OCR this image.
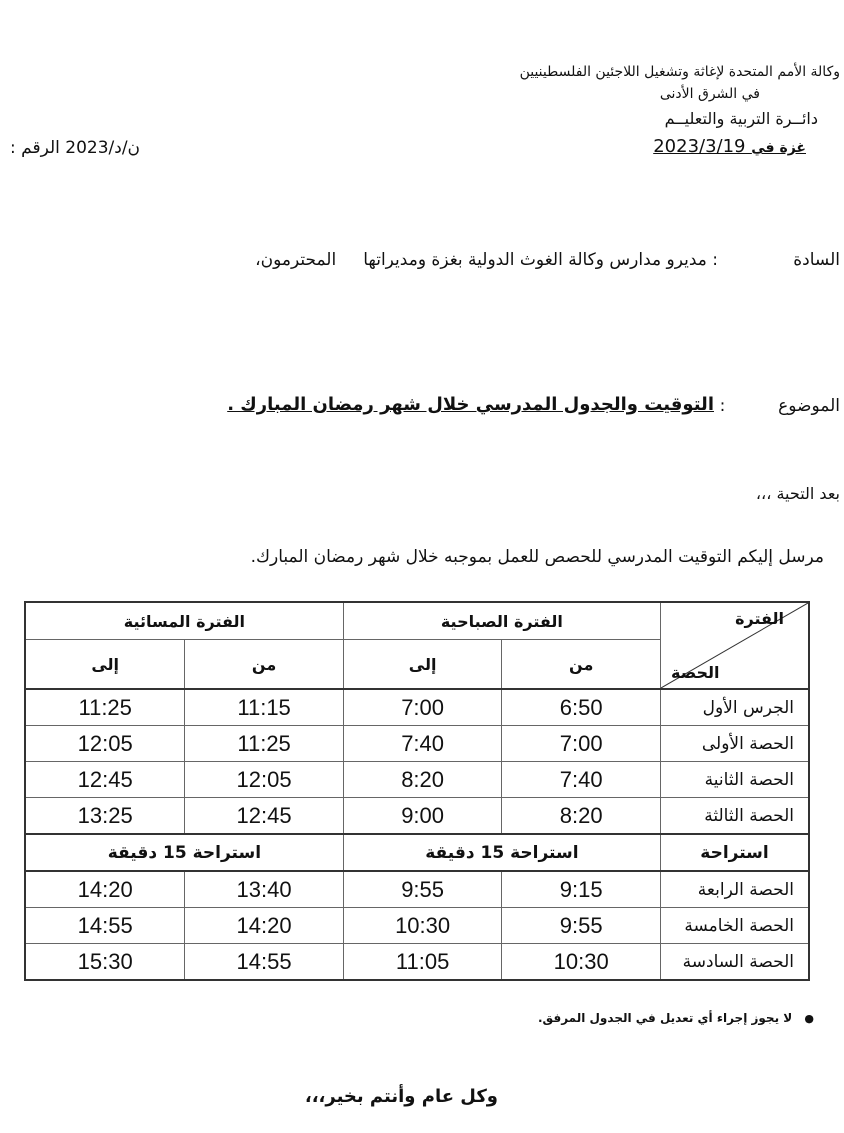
وكالة الأمم المتحدة لإغاثة وتشغيل اللاجئين الفلسطينيين
في الشرق الأدنى
دائــرة التربية والتعليــم
غزة في 2023/3/19
ن/د/2023 الرقم :
السادة
: مديرو مدارس وكالة الغوث الدولية بغزة ومديراتها     المحترمون،
الموضوع  :
التوقيت والجدول المدرسي خلال شهر رمضان المبارك .
بعد التحية ،،،
مرسل إليكم التوقيت المدرسي للحصص للعمل بموجبه خلال شهر رمضان المبارك.
الفترة
الحصة	الفترة الصباحية		الفترة المسائية	
	من	إلى	من	إلى
الجرس الأول	6:50	7:00	11:15	11:25
الحصة الأولى	7:00	7:40	11:25	12:05
الحصة الثانية	7:40	8:20	12:05	12:45
الحصة الثالثة	8:20	9:00	12:45	13:25
استراحة	استراحة 15 دقيقة		استراحة 15 دقيقة	
الحصة الرابعة	9:15	9:55	13:40	14:20
الحصة الخامسة	9:55	10:30	14:20	14:55
الحصة السادسة	10:30	11:05	14:55	15:30
● لا يجوز إجراء أي تعديل في الجدول المرفق.
وكل عام وأنتم بخير،،،
